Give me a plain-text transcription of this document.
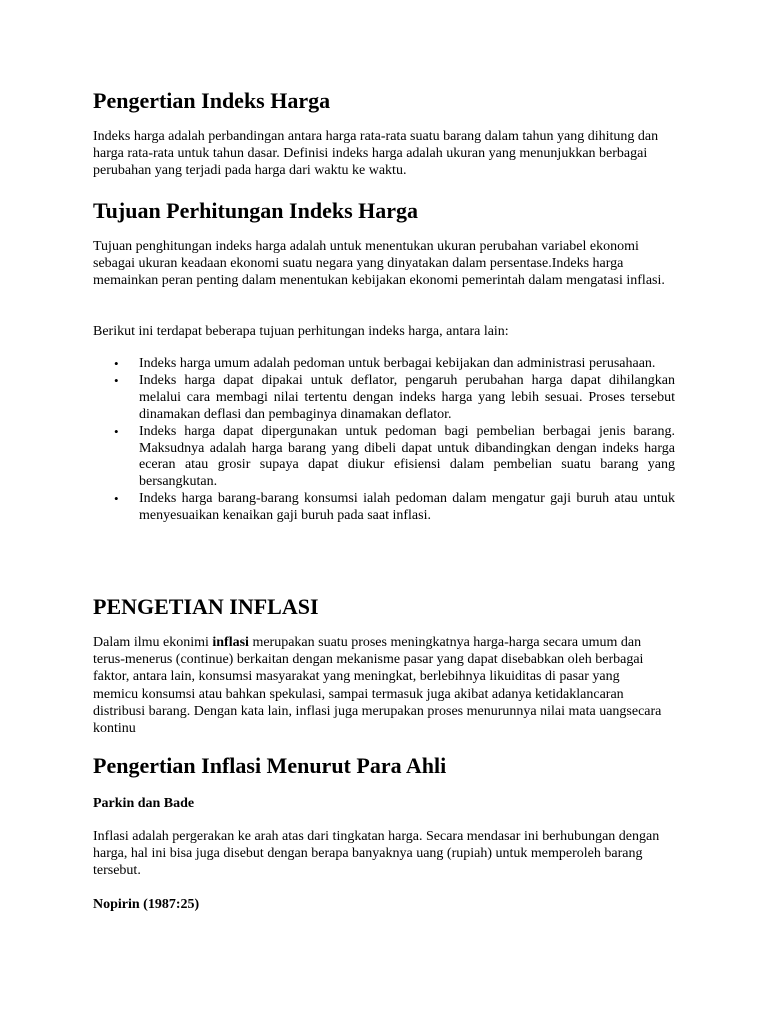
Pengertian Indeks Harga

Indeks harga adalah perbandingan antara harga rata-rata suatu barang dalam tahun yang dihitung dan harga rata-rata untuk tahun dasar. Definisi indeks harga adalah ukuran yang menunjukkan berbagai perubahan yang terjadi pada harga dari waktu ke waktu.

Tujuan Perhitungan Indeks Harga

Tujuan penghitungan indeks harga adalah untuk menentukan ukuran perubahan variabel ekonomi sebagai ukuran keadaan ekonomi suatu negara yang dinyatakan dalam persentase.Indeks harga memainkan peran penting dalam menentukan kebijakan ekonomi pemerintah dalam mengatasi inflasi.

Berikut ini terdapat beberapa tujuan perhitungan indeks harga, antara lain:

• Indeks harga umum adalah pedoman untuk berbagai kebijakan dan administrasi perusahaan.
• Indeks harga dapat dipakai untuk deflator, pengaruh perubahan harga dapat dihilangkan melalui cara membagi nilai tertentu dengan indeks harga yang lebih sesuai. Proses tersebut dinamakan deflasi dan pembaginya dinamakan deflator.
• Indeks harga dapat dipergunakan untuk pedoman bagi pembelian berbagai jenis barang. Maksudnya adalah harga barang yang dibeli dapat untuk dibandingkan dengan indeks harga eceran atau grosir supaya dapat diukur efisiensi dalam pembelian suatu barang yang bersangkutan.
• Indeks harga barang-barang konsumsi ialah pedoman dalam mengatur gaji buruh atau untuk menyesuaikan kenaikan gaji buruh pada saat inflasi.
PENGETIAN INFLASI

Dalam ilmu ekonimi inflasi merupakan suatu proses meningkatnya harga-harga secara umum dan terus-menerus (continue) berkaitan dengan mekanisme pasar yang dapat disebabkan oleh berbagai faktor, antara lain, konsumsi masyarakat yang meningkat, berlebihnya likuiditas di pasar yang memicu konsumsi atau bahkan spekulasi, sampai termasuk juga akibat adanya ketidaklancaran distribusi barang. Dengan kata lain, inflasi juga merupakan proses menurunnya nilai mata uangsecara kontinu

Pengertian Inflasi Menurut Para Ahli

Parkin dan Bade

Inflasi adalah pergerakan ke arah atas dari tingkatan harga. Secara mendasar ini berhubungan dengan harga, hal ini bisa juga disebut dengan berapa banyaknya uang (rupiah) untuk memperoleh barang tersebut.

Nopirin (1987:25)
